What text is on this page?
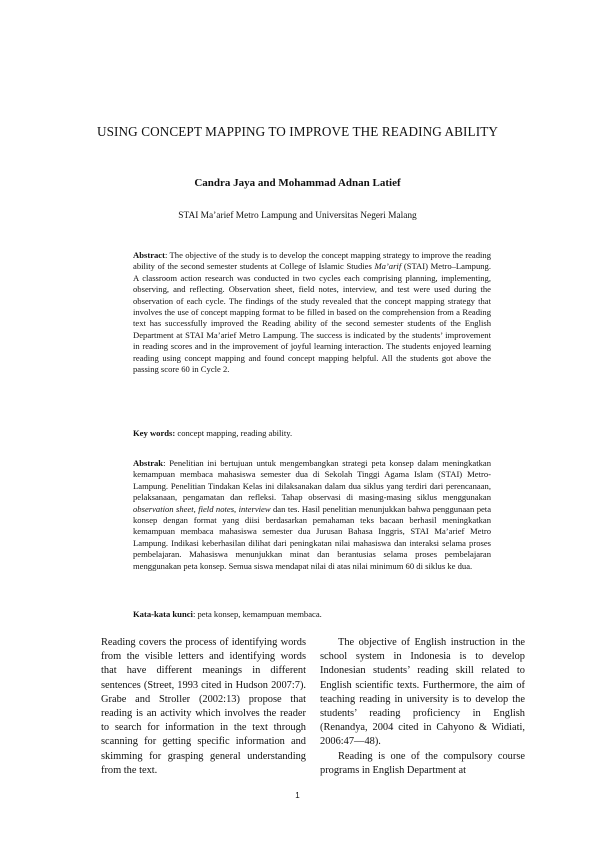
USING CONCEPT MAPPING TO IMPROVE THE READING ABILITY
Candra Jaya and Mohammad Adnan Latief
STAI Ma’arief Metro Lampung and Universitas Negeri Malang
Abstract: The objective of the study is to develop the concept mapping strategy to improve the reading ability of the second semester students at College of Islamic Studies Ma’arif (STAI) Metro–Lampung. A classroom action research was conducted in two cycles each comprising planning, implementing, observing, and reflecting. Observation sheet, field notes, interview, and test were used during the observation of each cycle. The findings of the study revealed that the concept mapping strategy that involves the use of concept mapping format to be filled in based on the comprehension from a Reading text has successfully improved the Reading ability of the second semester students of the English Department at STAI Ma’arief Metro Lampung. The success is indicated by the students’ improvement in reading scores and in the improvement of joyful learning interaction. The students enjoyed learning reading using concept mapping and found concept mapping helpful. All the students got above the passing score 60 in Cycle 2.
Key words: concept mapping, reading ability.
Abstrak: Penelitian ini bertujuan untuk mengembangkan strategi peta konsep dalam meningkatkan kemampuan membaca mahasiswa semester dua di Sekolah Tinggi Agama Islam (STAI) Metro-Lampung. Penelitian Tindakan Kelas ini dilaksanakan dalam dua siklus yang terdiri dari perencanaan, pelaksanaan, pengamatan dan refleksi. Tahap observasi di masing-masing siklus menggunakan observation sheet, field notes, interview dan tes. Hasil penelitian menunjukkan bahwa penggunaan peta konsep dengan format yang diisi berdasarkan pemahaman teks bacaan berhasil meningkatkan kemampuan membaca mahasiswa semester dua Jurusan Bahasa Inggris, STAI Ma’arief Metro Lampung. Indikasi keberhasilan dilihat dari peningkatan nilai mahasiswa dan interaksi selama proses pembelajaran. Mahasiswa menunjukkan minat dan berantusias selama proses pembelajaran menggunakan peta konsep. Semua siswa mendapat nilai di atas nilai minimum 60 di siklus ke dua.
Kata-kata kunci: peta konsep, kemampuan membaca.

Reading covers the process of identifying words from the visible letters and identifying words that have different meanings in different sentences (Street, 1993 cited in Hudson 2007:7). Grabe and Stroller (2002:13) propose that reading is an activity which involves the reader to search for information in the text through scanning for getting specific information and skimming for grasping general understanding from the text.

The objective of English instruction in the school system in Indonesia is to develop Indonesian students’ reading skill related to English scientific texts. Furthermore, the aim of teaching reading in university is to develop the students’ reading proficiency in English (Renandya, 2004 cited in Cahyono & Widiati, 2006:47—48).

Reading is one of the compulsory course programs in English Department at

1
